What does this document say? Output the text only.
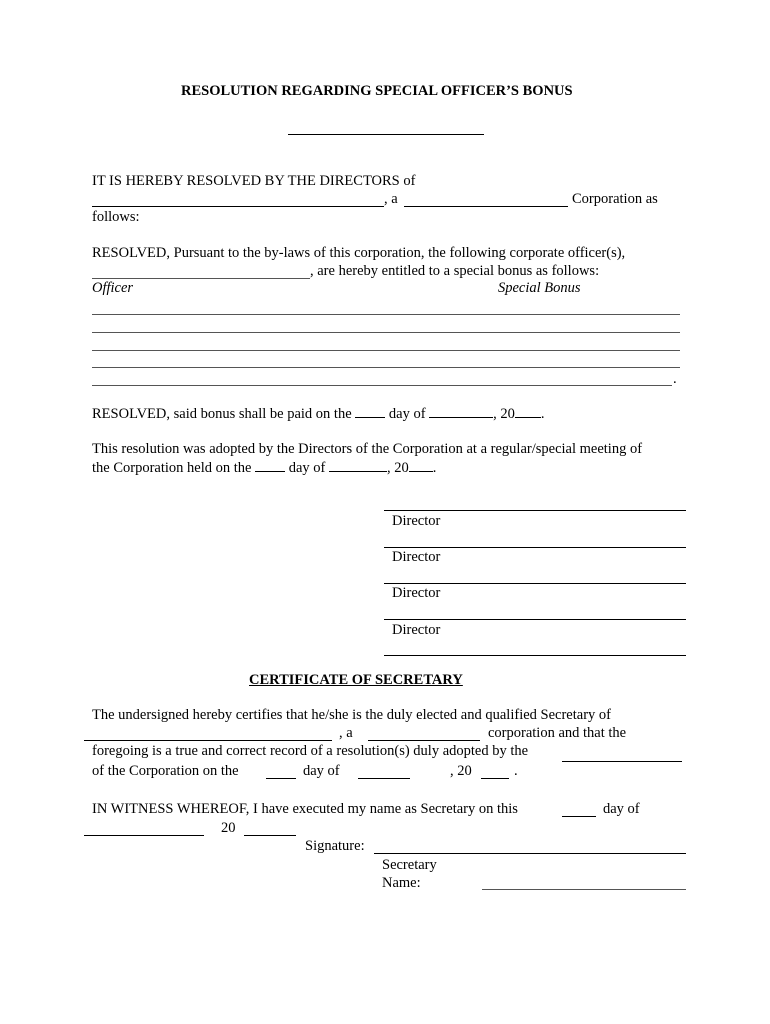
RESOLUTION REGARDING SPECIAL OFFICER’S BONUS
IT IS HEREBY RESOLVED BY THE DIRECTORS of
, a	Corporation as
follows:
RESOLVED, Pursuant to the by-laws of this corporation, the following corporate officer(s),
, are hereby entitled to a special bonus as follows:
Officer	Special Bonus
.
RESOLVED, said bonus shall be paid on the	day of	, 20 .
This resolution was adopted by the Directors of the Corporation at a regular/special meeting of
the Corporation held on the	day of	, 20 .
Director
Director
Director
Director
CERTIFICATE OF SECRETARY
The undersigned hereby certifies that he/she is the duly elected and qualified Secretary of
, a	corporation and that the
foregoing is a true and correct record of a resolution(s) duly adopted by the
of the Corporation on the	day of	, 20	.
IN WITNESS WHEREOF, I have executed my name as Secretary on this	day of
20
Signature:
Secretary
Name:
